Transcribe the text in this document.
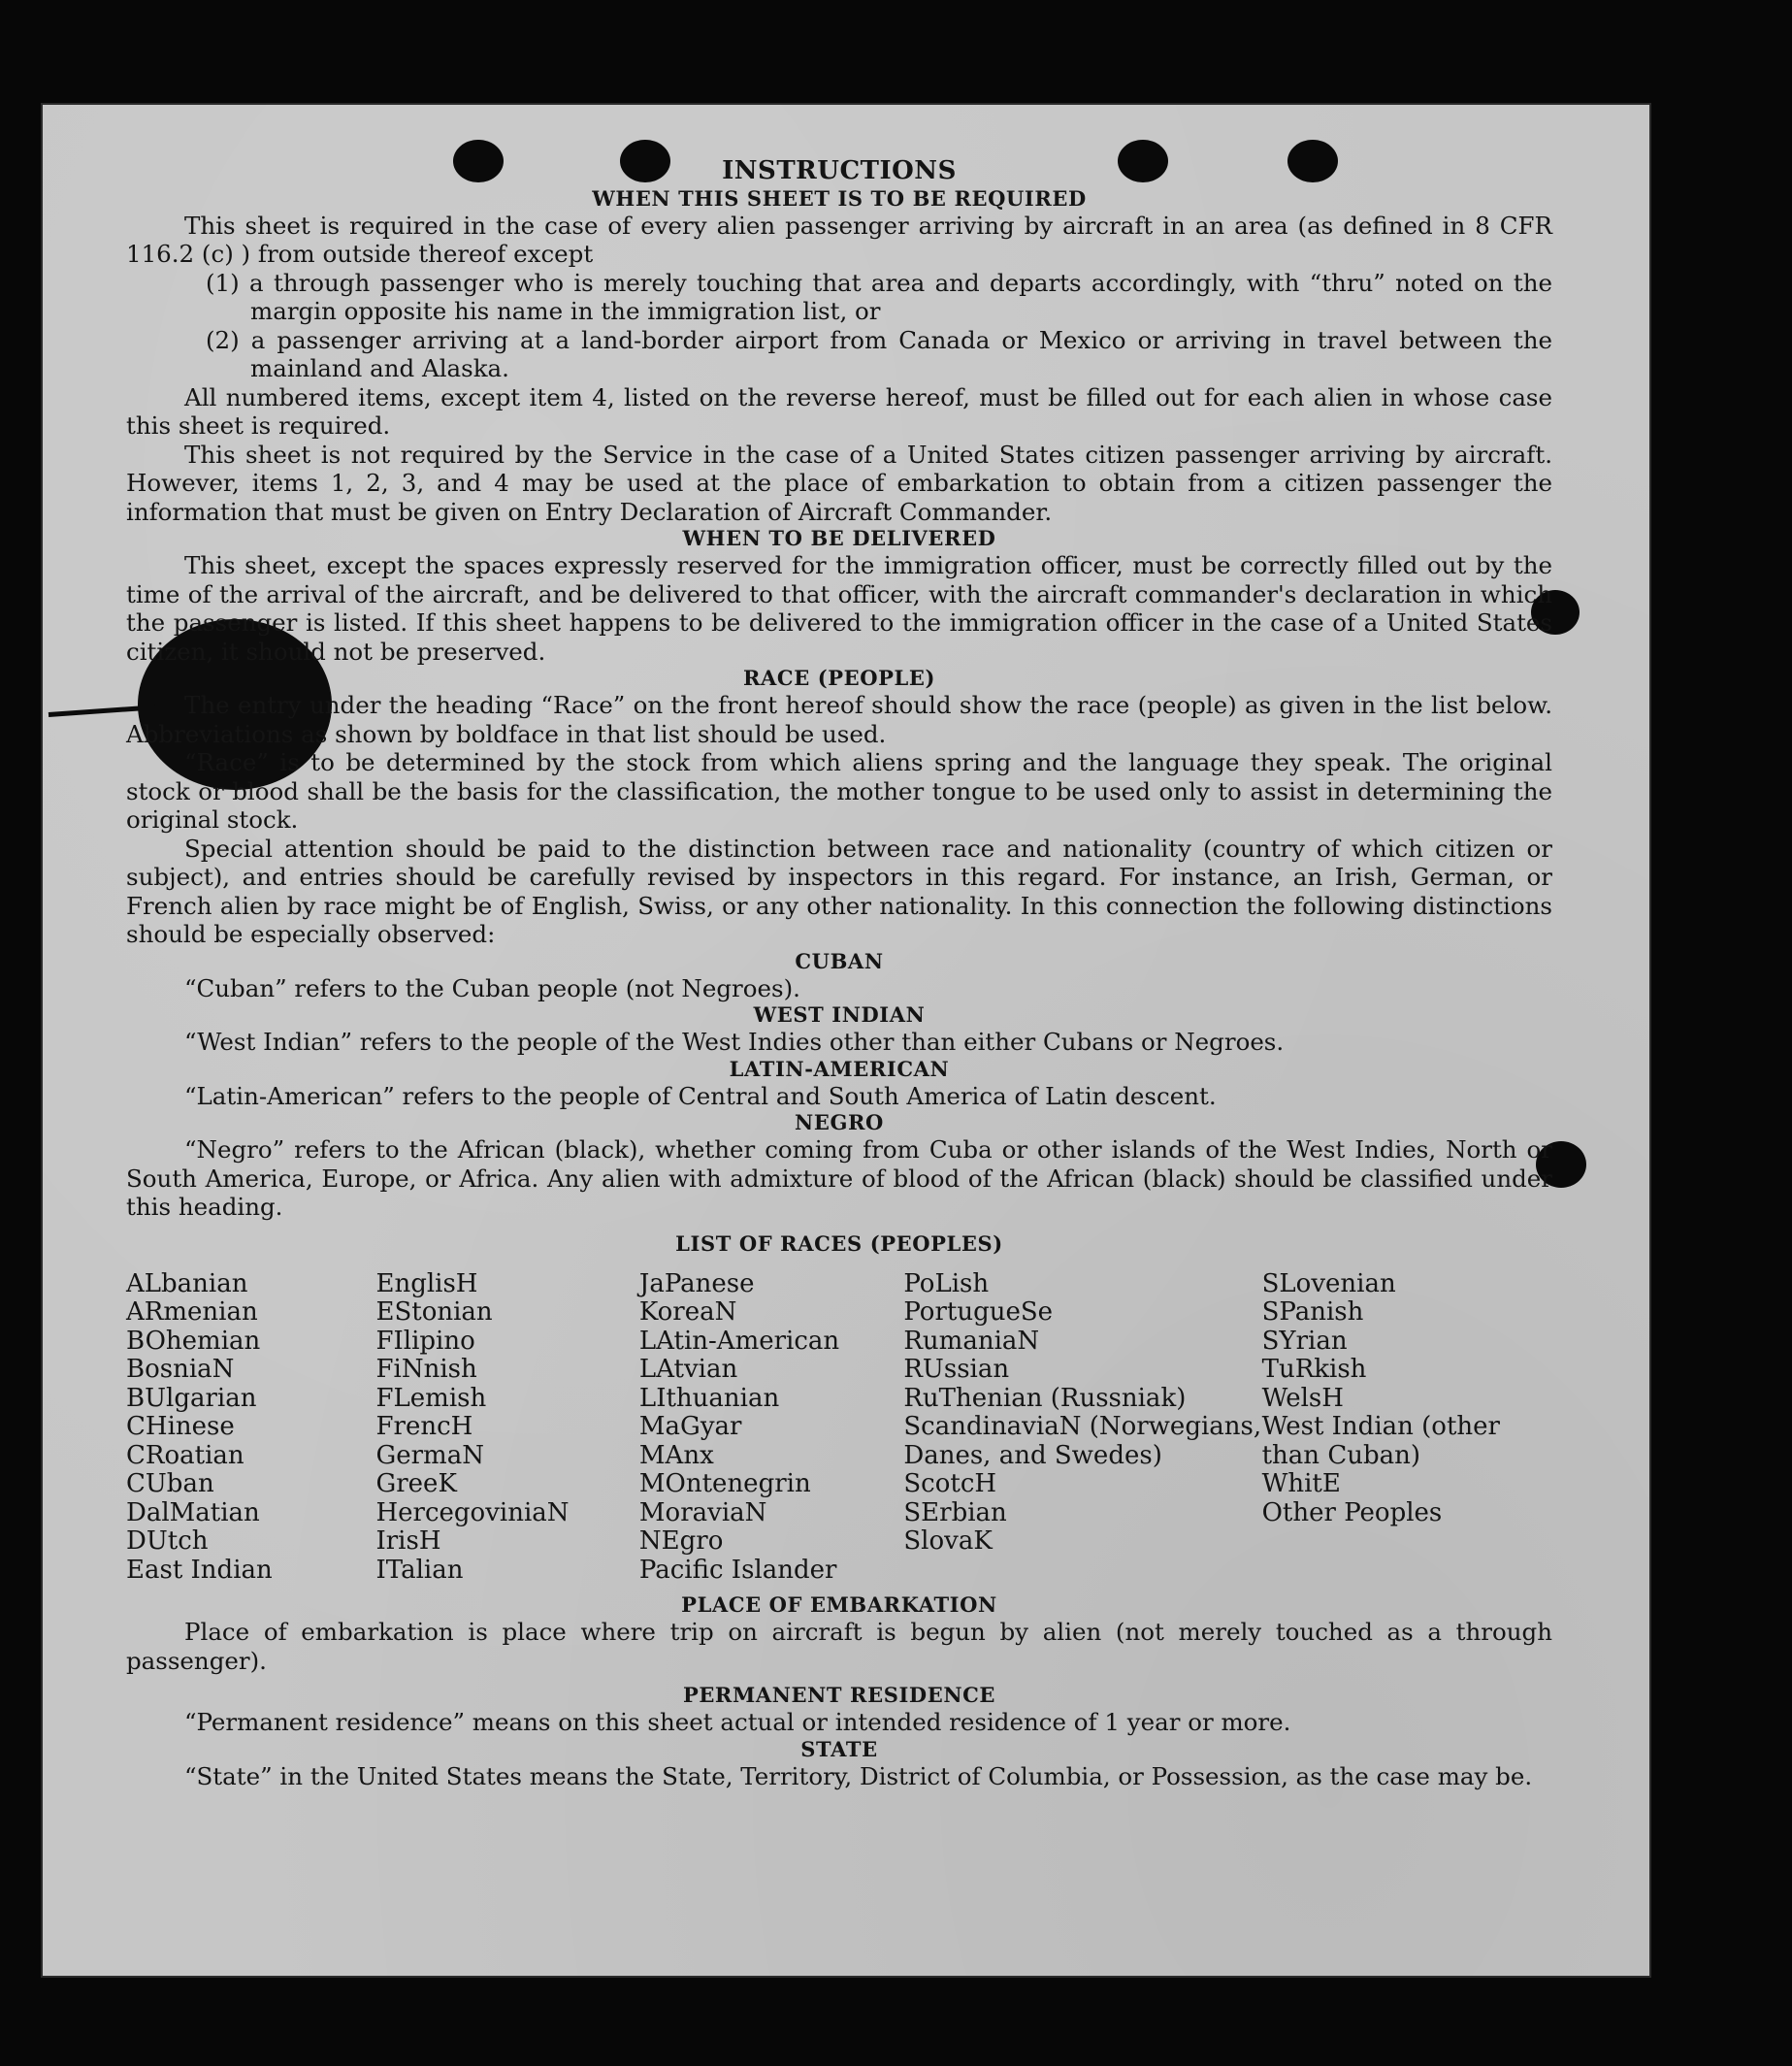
INSTRUCTIONS
WHEN THIS SHEET IS TO BE REQUIRED

This sheet is required in the case of every alien passenger arriving by aircraft in an area (as defined in 8 CFR 116.2 (c) ) from outside thereof except

(1) a through passenger who is merely touching that area and departs accordingly, with “thru” noted on the margin opposite his name in the immigration list, or

(2) a passenger arriving at a land-border airport from Canada or Mexico or arriving in travel between the mainland and Alaska.

All numbered items, except item 4, listed on the reverse hereof, must be filled out for each alien in whose case this sheet is required.

This sheet is not required by the Service in the case of a United States citizen passenger arriving by aircraft. However, items 1, 2, 3, and 4 may be used at the place of embarkation to obtain from a citizen passenger the information that must be given on Entry Declaration of Aircraft Commander.

WHEN TO BE DELIVERED

This sheet, except the spaces expressly reserved for the immigration officer, must be correctly filled out by the time of the arrival of the aircraft, and be delivered to that officer, with the aircraft commander's declaration in which the passenger is listed. If this sheet happens to be delivered to the immigration officer in the case of a United States citizen, it should not be preserved.

RACE (PEOPLE)

The entry under the heading “Race” on the front hereof should show the race (people) as given in the list below. Abbreviations as shown by boldface in that list should be used.

“Race” is to be determined by the stock from which aliens spring and the language they speak. The original stock or blood shall be the basis for the classification, the mother tongue to be used only to assist in determining the original stock.

Special attention should be paid to the distinction between race and nationality (country of which citizen or subject), and entries should be carefully revised by inspectors in this regard. For instance, an Irish, German, or French alien by race might be of English, Swiss, or any other nationality. In this connection the following distinctions should be especially observed:

CUBAN

“Cuban” refers to the Cuban people (not Negroes).

WEST INDIAN

“West Indian” refers to the people of the West Indies other than either Cubans or Negroes.

LATIN-AMERICAN

“Latin-American” refers to the people of Central and South America of Latin descent.

NEGRO

“Negro” refers to the African (black), whether coming from Cuba or other islands of the West Indies, North or South America, Europe, or Africa. Any alien with admixture of blood of the African (black) should be classified under this heading.

LIST OF RACES (PEOPLES)
ALbanian
ARmenian
BOhemian
BosniaN
BUlgarian
CHinese
CRoatian
CUban
DalMatian
DUtch
East Indian
EnglisH
EStonian
FIlipino
FiNnish
FLemish
FrencH
GermaN
GreeK
HercegoviniaN
IrisH
ITalian
JaPanese
KoreaN
LAtin-American
LAtvian
LIthuanian
MaGyar
MAnx
MOntenegrin
MoraviaN
NEgro
Pacific Islander
PoLish
PortugueSe
RumaniaN
RUssian
RuThenian (Russniak)
ScandinaviaN (Norwegians, Danes, and Swedes)
ScotcH
SErbian
SlovaK
SLovenian
SPanish
SYrian
TuRkish
WelsH
West Indian (other than Cuban)
WhitE
Other Peoples
PLACE OF EMBARKATION

Place of embarkation is place where trip on aircraft is begun by alien (not merely touched as a through passenger).

PERMANENT RESIDENCE

“Permanent residence” means on this sheet actual or intended residence of 1 year or more.

STATE

“State” in the United States means the State, Territory, District of Columbia, or Possession, as the case may be.
